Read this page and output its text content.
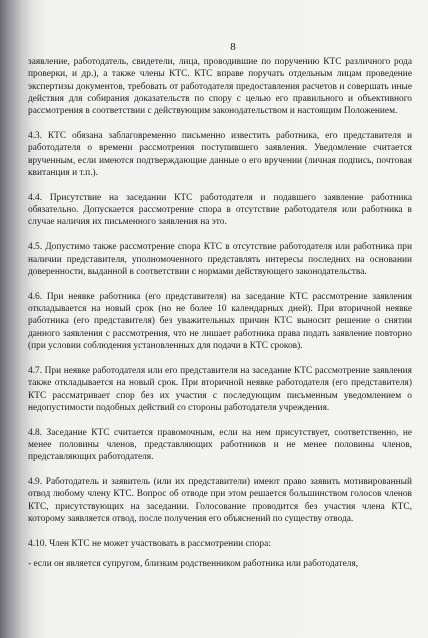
8

заявление, работодатель, свидетели, лица, проводившие по поручению КТС различного рода проверки, и др.), а также члены КТС. КТС вправе поручать отдельным лицам проведение экспертизы документов, требовать от работодателя предоставления расчетов и совершать иные действия для собирания доказательств по спору с целью его правильного и объективного рассмотрения в соответствии с действующим законодательством и настоящим Положением.

4.3. КТС обязана заблаговременно письменно известить работника, его представителя и работодателя о времени рассмотрения поступившего заявления. Уведомление считается врученным, если имеются подтверждающие данные о его вручении (личная подпись, почтовая квитанция и т.п.).

4.4. Присутствие на заседании КТС работодателя и подавшего заявление работника обязательно. Допускается рассмотрение спора в отсутствие работодателя или работника в случае наличия их письменного заявления на это.

4.5. Допустимо также рассмотрение спора КТС в отсутствие работодателя или работника при наличии представителя, уполномоченного представлять интересы последних на основании доверенности, выданной в соответствии с нормами действующего законодательства.

4.6. При неявке работника (его представителя) на заседание КТС рассмотрение заявления откладывается на новый срок (но не более 10 календарных дней). При вторичной неявке работника (его представителя) без уважительных причин КТС выносит решение о снятии данного заявления с рассмотрения, что не лишает работника права подать заявление повторно (при условии соблюдения установленных для подачи в КТС сроков).

4.7. При неявке работодателя или его представителя на заседание КТС рассмотрение заявления также откладывается на новый срок. При вторичной неявке работодателя (его представителя) КТС рассматривает спор без их участия с последующим письменным уведомлением о недопустимости подобных действий со стороны работодателя учреждения.

4.8. Заседание КТС считается правомочным, если на нем присутствует, соответственно, не менее половины членов, представляющих работников и не менее половины членов, представляющих работодателя.

4.9. Работодатель и заявитель (или их представители) имеют право заявить мотивированный отвод любому члену КТС. Вопрос об отводе при этом решается большинством голосов членов КТС, присутствующих на заседании. Голосование проводится без участия члена КТС, которому заявляется отвод, после получения его объяснений по существу отвода.

4.10. Член КТС не может участвовать в рассмотрении спора:

- если он является супругом, близким родственником работника или работодателя,
